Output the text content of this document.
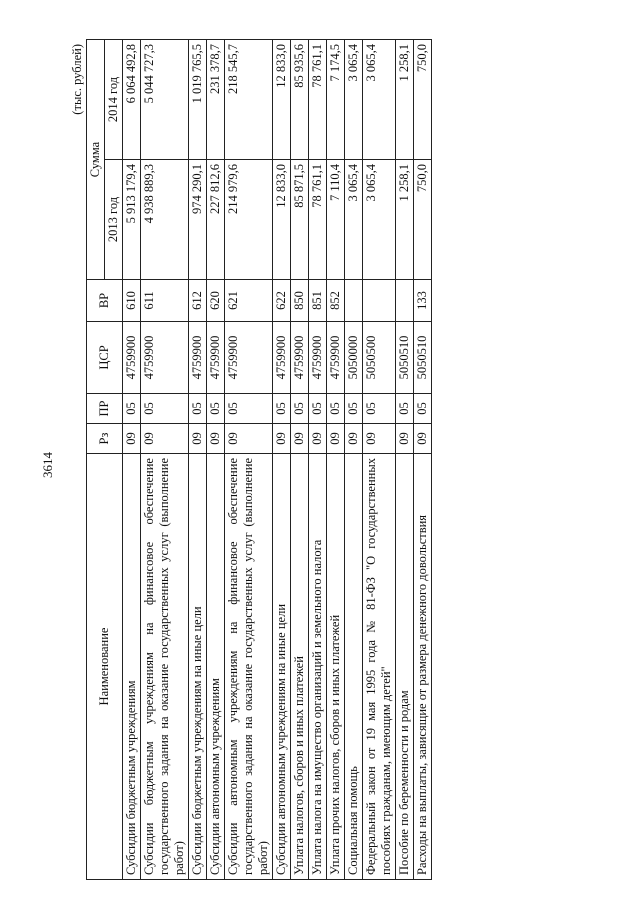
3614
(тыс. рублей)
Наименование	Рз	ПР	ЦСР	ВР	Сумма	
					2013 год	2014 год
Субсидии бюджетным учреждениям	09	05	4759900	610	5 913 179,4	6 064 492,8
Субсидии бюджетным учреждениям на финансовое обеспечение государственного задания на оказание государственных услуг (выполнение работ)	09	05	4759900	611	4 938 889,3	5 044 727,3
Субсидии бюджетным учреждениям на иные цели	09	05	4759900	612	974 290,1	1 019 765,5
Субсидии автономным учреждениям	09	05	4759900	620	227 812,6	231 378,7
Субсидии автономным учреждениям на финансовое обеспечение государственного задания на оказание государственных услуг (выполнение работ)	09	05	4759900	621	214 979,6	218 545,7
Субсидии автономным учреждениям на иные цели	09	05	4759900	622	12 833,0	12 833,0
Уплата налогов, сборов и иных платежей	09	05	4759900	850	85 871,5	85 935,6
Уплата налога на имущество организаций и земельного налога	09	05	4759900	851	78 761,1	78 761,1
Уплата прочих налогов, сборов и иных платежей	09	05	4759900	852	7 110,4	7 174,5
Социальная помощь	09	05	5050000		3 065,4	3 065,4
Федеральный закон от 19 мая 1995 года № 81-ФЗ "О государственных пособиях гражданам, имеющим детей"	09	05	5050500		3 065,4	3 065,4
Пособие по беременности и родам	09	05	5050510		1 258,1	1 258,1
Расходы на выплаты, зависящие от размера денежного довольствия	09	05	5050510	133	750,0	750,0
